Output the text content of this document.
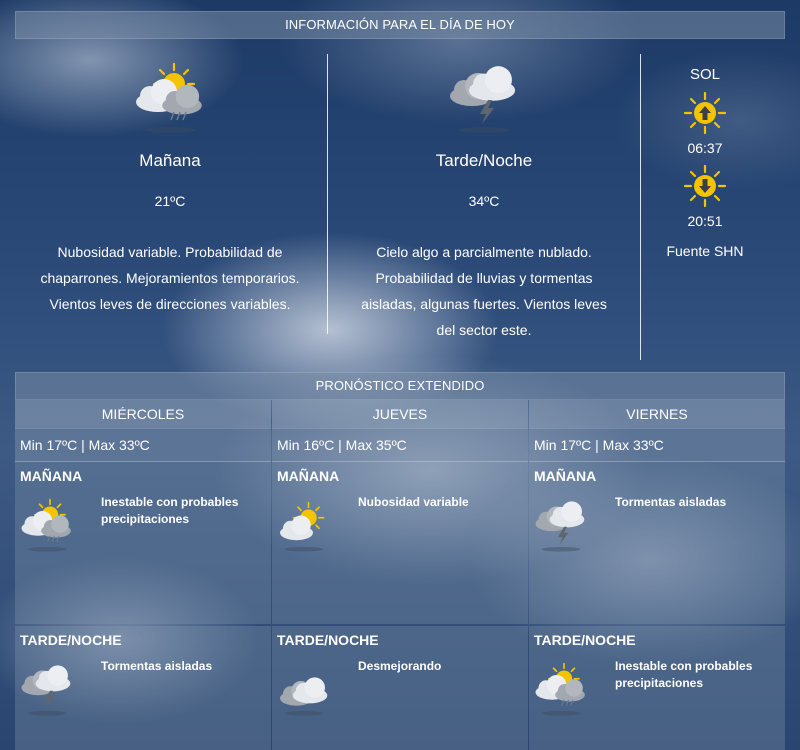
INFORMACIÓN PARA EL DÍA DE HOY
Mañana
21ºC
Nubosidad variable. Probabilidad de
chaparrones. Mejoramientos temporarios.
Vientos leves de direcciones variables.
Tarde/Noche
34ºC
Cielo algo a parcialmente nublado.
Probabilidad de lluvias y tormentas
aisladas, algunas fuertes. Vientos leves
del sector este.
SOL
06:37
20:51
Fuente SHN
PRONÓSTICO EXTENDIDO
MIÉRCOLES
Min 17ºC | Max 33ºC
MAÑANA
Inestable con probables precipitaciones
TARDE/NOCHE
Tormentas aisladas
JUEVES
Min 16ºC | Max 35ºC
MAÑANA
Nubosidad variable
TARDE/NOCHE
Desmejorando
VIERNES
Min 17ºC | Max 33ºC
MAÑANA
Tormentas aisladas
TARDE/NOCHE
Inestable con probables precipitaciones
